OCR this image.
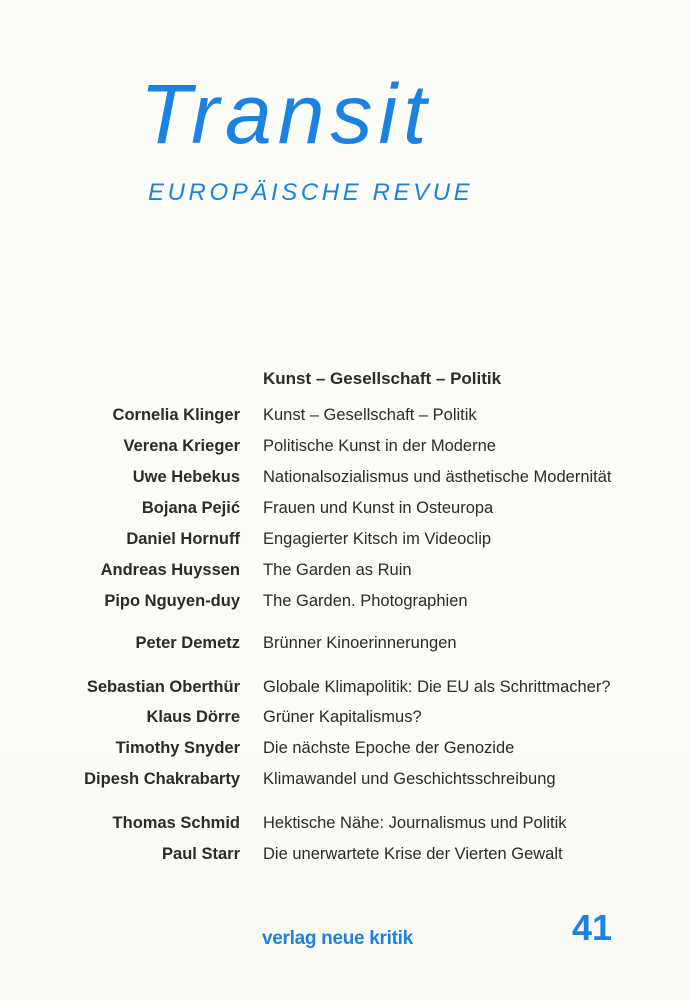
Transit
EUROPÄISCHE REVUE
Kunst – Gesellschaft – Politik
Cornelia Klinger Kunst – Gesellschaft – Politik
Verena Krieger Politische Kunst in der Moderne
Uwe Hebekus Nationalsozialismus und ästhetische Modernität
Bojana Pejić Frauen und Kunst in Osteuropa
Daniel Hornuff Engagierter Kitsch im Videoclip
Andreas Huyssen The Garden as Ruin
Pipo Nguyen-duy The Garden. Photographien
Peter Demetz Brünner Kinoerinnerungen
Sebastian Oberthür Globale Klimapolitik: Die EU als Schrittmacher?
Klaus Dörre Grüner Kapitalismus?
Timothy Snyder Die nächste Epoche der Genozide
Dipesh Chakrabarty Klimawandel und Geschichtsschreibung
Thomas Schmid Hektische Nähe: Journalismus und Politik
Paul Starr Die unerwartete Krise der Vierten Gewalt
verlag neue kritik	41
